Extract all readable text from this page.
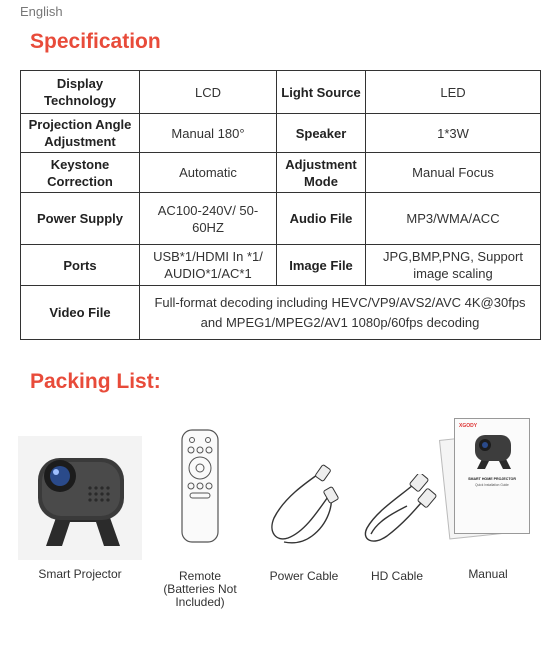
English
Specification
Display Technology	LCD	Light Source	LED
Projection Angle Adjustment	Manual 180°	Speaker	1*3W
Keystone Correction	Automatic	Adjustment Mode	Manual Focus
Power Supply	AC100-240V/ 50-60HZ	Audio File	MP3/WMA/ACC
Ports	USB*1/HDMI In *1/ AUDIO*1/AC*1	Image File	JPG,BMP,PNG, Support image scaling
Video File	Full-format decoding including HEVC/VP9/AVS2/AVC 4K@30fps and MPEG1/MPEG2/AV1 1080p/60fps decoding		
Packing List:
Smart Projector	Remote
(Batteries Not
Included)
Power Cable	HD Cable
XGODY
SMART HOME PROJECTOR
Quick Installation Guide
Manual
